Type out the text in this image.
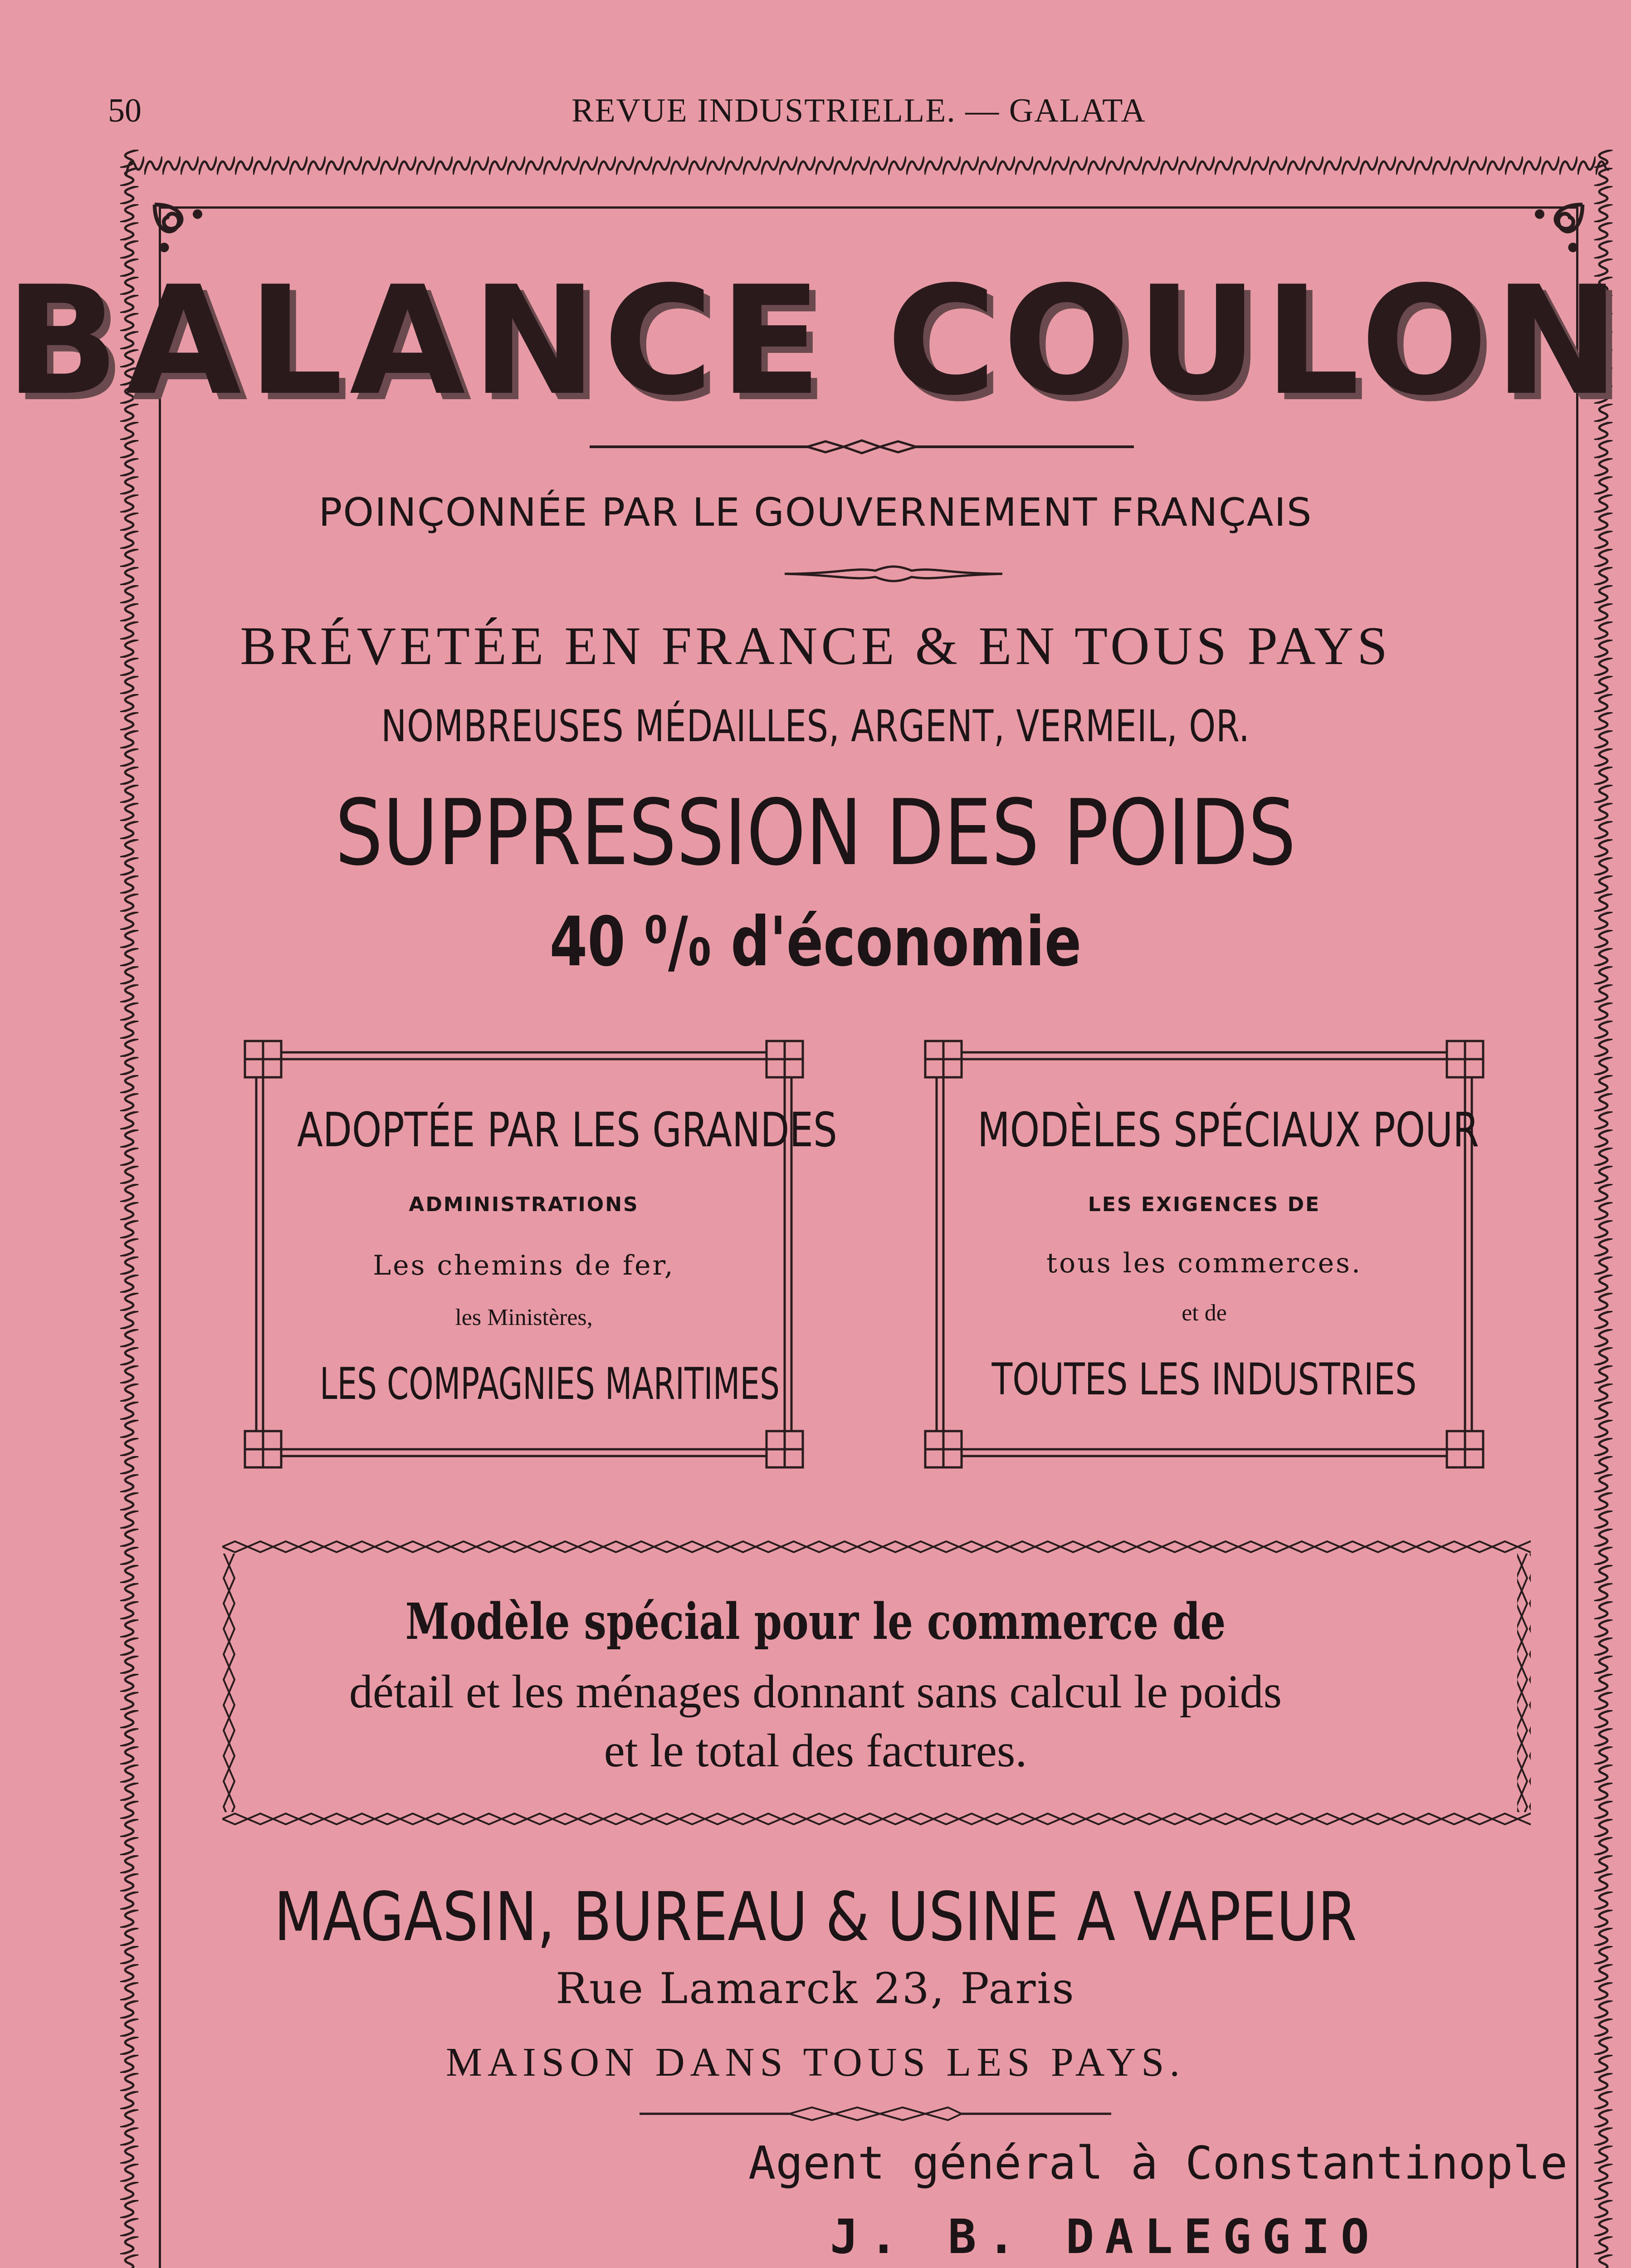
50	REVUE INDUSTRIELLE. — GALATA
BALANCE COULON
POINÇONNÉE PAR LE GOUVERNEMENT FRANÇAIS
BRÉVETÉE EN FRANCE & EN TOUS PAYS
NOMBREUSES MÉDAILLES, ARGENT, VERMEIL, OR.
SUPPRESSION DES POIDS
40 ⁰/₀ d'économie
ADOPTÉE PAR LES GRANDES
ADMINISTRATIONS
Les chemins de fer,
les Ministères,
LES COMPAGNIES MARITIMES
MODÈLES SPÉCIAUX POUR
LES EXIGENCES DE
tous les commerces.
et de
TOUTES LES INDUSTRIES
Modèle spécial pour le commerce de
détail et les ménages donnant sans calcul le poids
et le total des factures.
MAGASIN, BUREAU & USINE A VAPEUR
Rue Lamarck 23, Paris
MAISON DANS TOUS LES PAYS.
Agent général à Constantinople
J. B. DALEGGIO
